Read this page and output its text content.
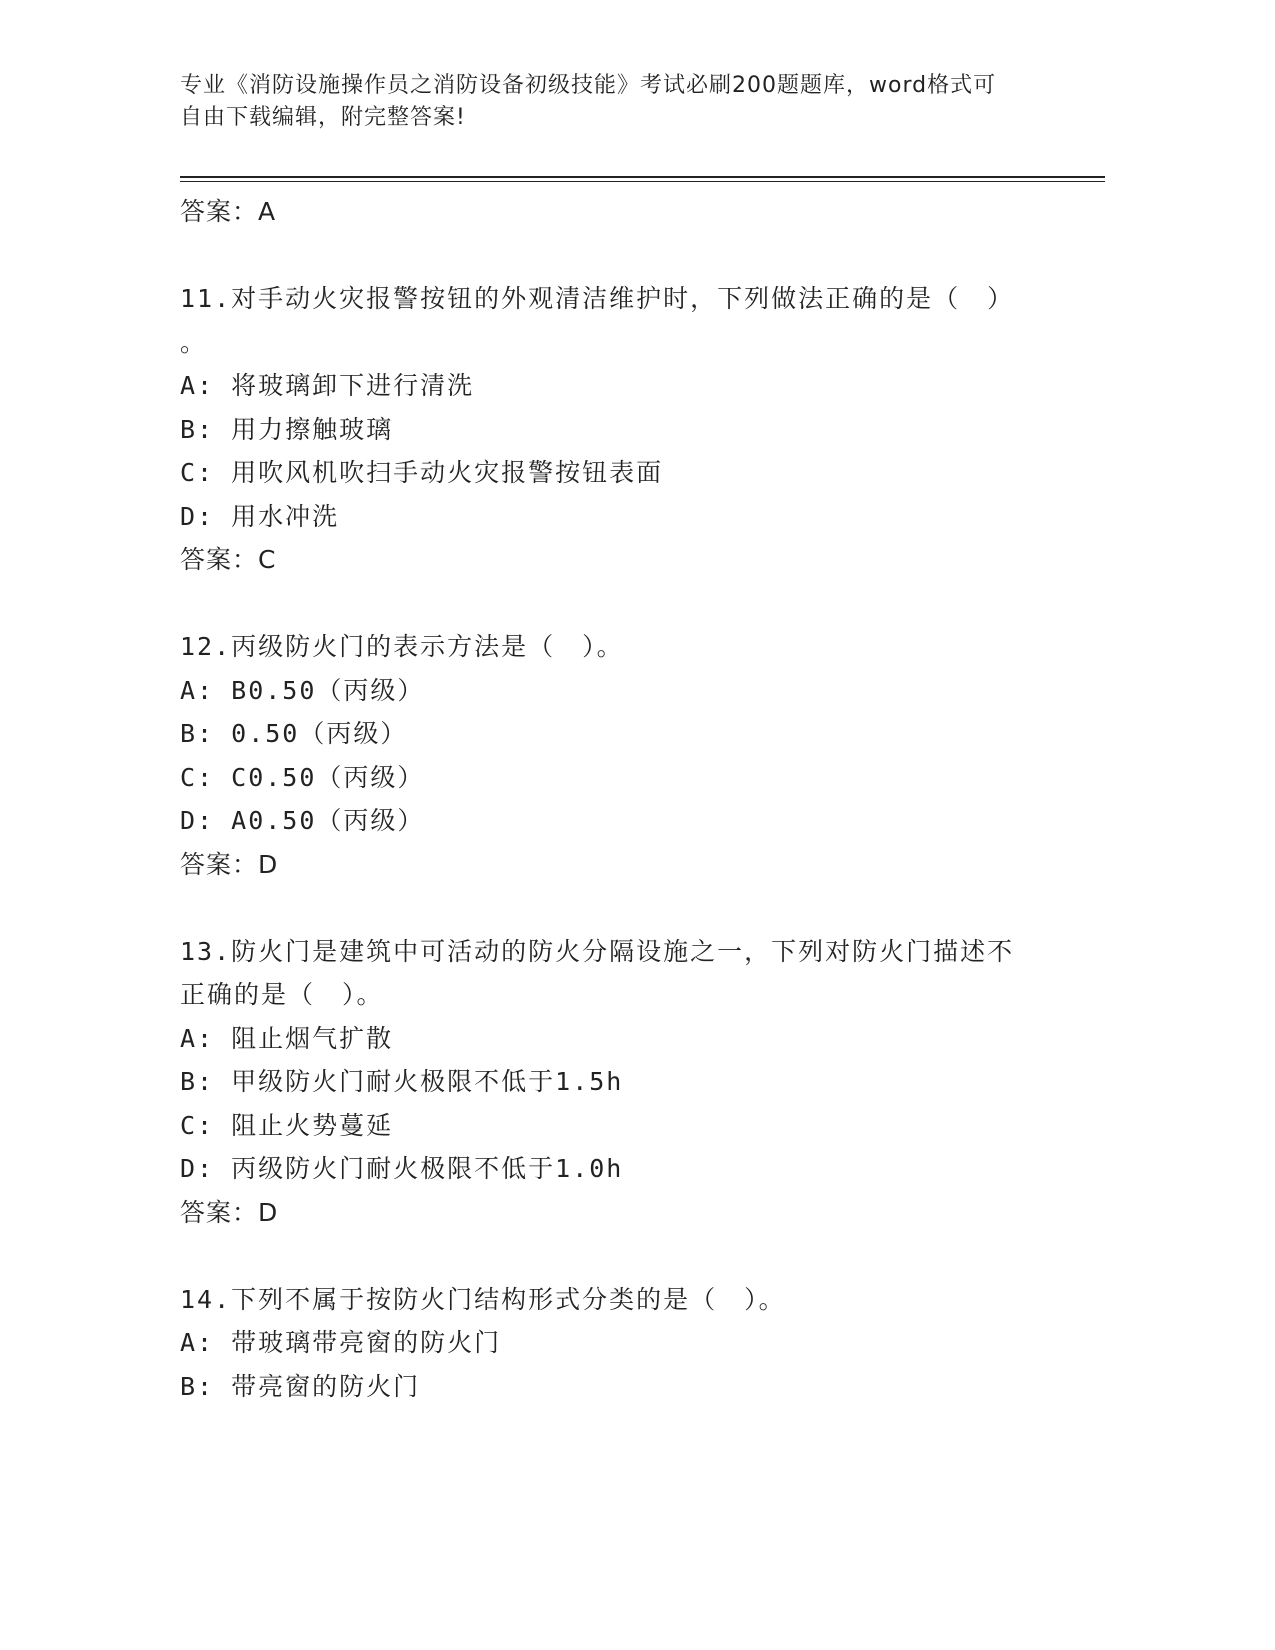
专业《消防设施操作员之消防设备初级技能》考试必刷200题题库，word格式可
自由下载编辑，附完整答案!
答案：A
11.对手动火灾报警按钮的外观清洁维护时，下列做法正确的是（　）
。
A: 将玻璃卸下进行清洗
B: 用力擦触玻璃
C: 用吹风机吹扫手动火灾报警按钮表面
D: 用水冲洗
答案：C
12.丙级防火门的表示方法是（　）。
A: B0.50（丙级）
B: 0.50（丙级）
C: C0.50（丙级）
D: A0.50（丙级）
答案：D
13.防火门是建筑中可活动的防火分隔设施之一，下列对防火门描述不
正确的是（　）。
A: 阻止烟气扩散
B: 甲级防火门耐火极限不低于1.5h
C: 阻止火势蔓延
D: 丙级防火门耐火极限不低于1.0h
答案：D
14.下列不属于按防火门结构形式分类的是（　）。
A: 带玻璃带亮窗的防火门
B: 带亮窗的防火门
